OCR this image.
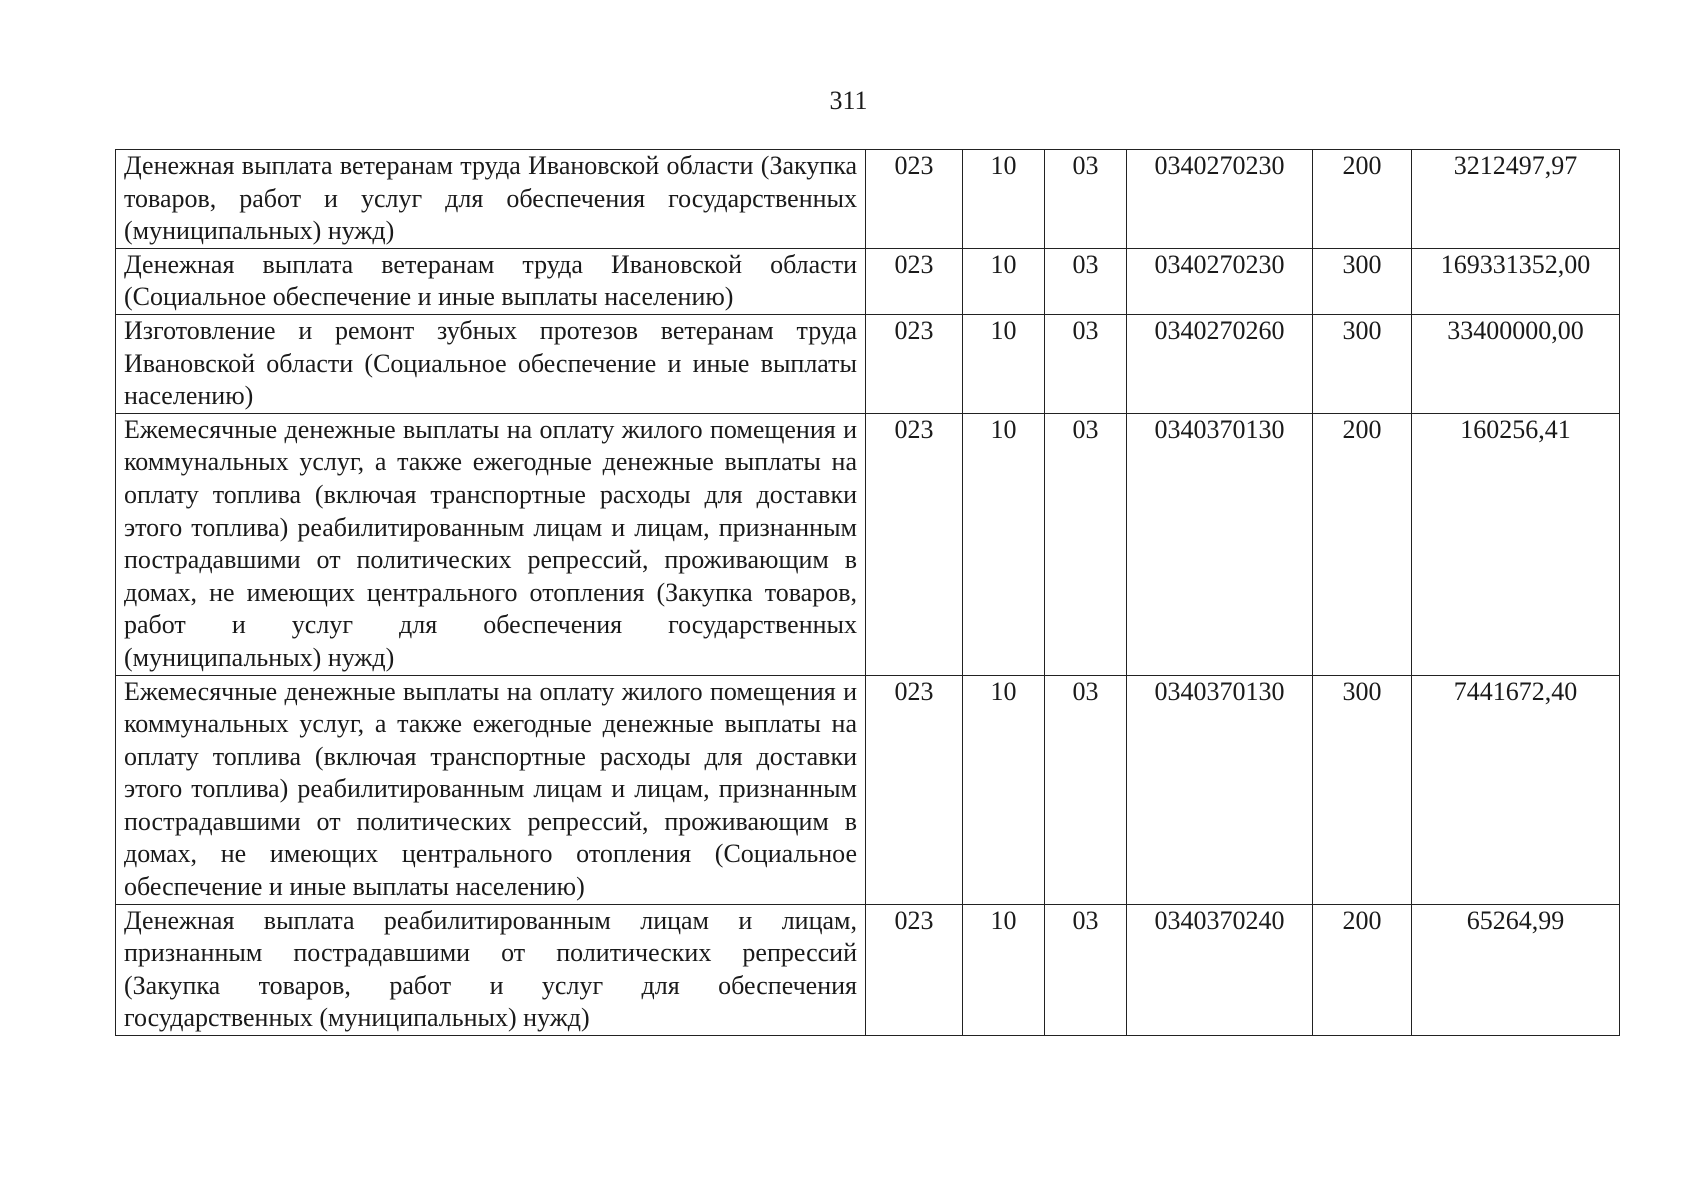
311
Денежная выплата ветеранам труда Ивановской области (Закупка товаров, работ и услуг для обеспечения государственных (муниципальных) нужд)	023	10	03	0340270230	200	3212497,97
Денежная выплата ветеранам труда Ивановской области (Социальное обеспечение и иные выплаты населению)	023	10	03	0340270230	300	169331352,00
Изготовление и ремонт зубных протезов ветеранам труда Ивановской области (Социальное обеспечение и иные выплаты населению)	023	10	03	0340270260	300	33400000,00
Ежемесячные денежные выплаты на оплату жилого помещения и коммунальных услуг, а также ежегодные денежные выплаты на оплату топлива (включая транспортные расходы для доставки этого топлива) реабилитированным лицам и лицам, признанным пострадавшими от политических репрессий, проживающим в домах, не имеющих центрального отопления (Закупка товаров, работ и услуг для обеспечения государственных (муниципальных) нужд)	023	10	03	0340370130	200	160256,41
Ежемесячные денежные выплаты на оплату жилого помещения и коммунальных услуг, а также ежегодные денежные выплаты на оплату топлива (включая транспортные расходы для доставки этого топлива) реабилитированным лицам и лицам, признанным пострадавшими от политических репрессий, проживающим в домах, не имеющих центрального отопления (Социальное обеспечение и иные выплаты населению)	023	10	03	0340370130	300	7441672,40
Денежная выплата реабилитированным лицам и лицам, признанным пострадавшими от политических репрессий (Закупка товаров, работ и услуг для обеспечения государственных (муниципальных) нужд)	023	10	03	0340370240	200	65264,99
